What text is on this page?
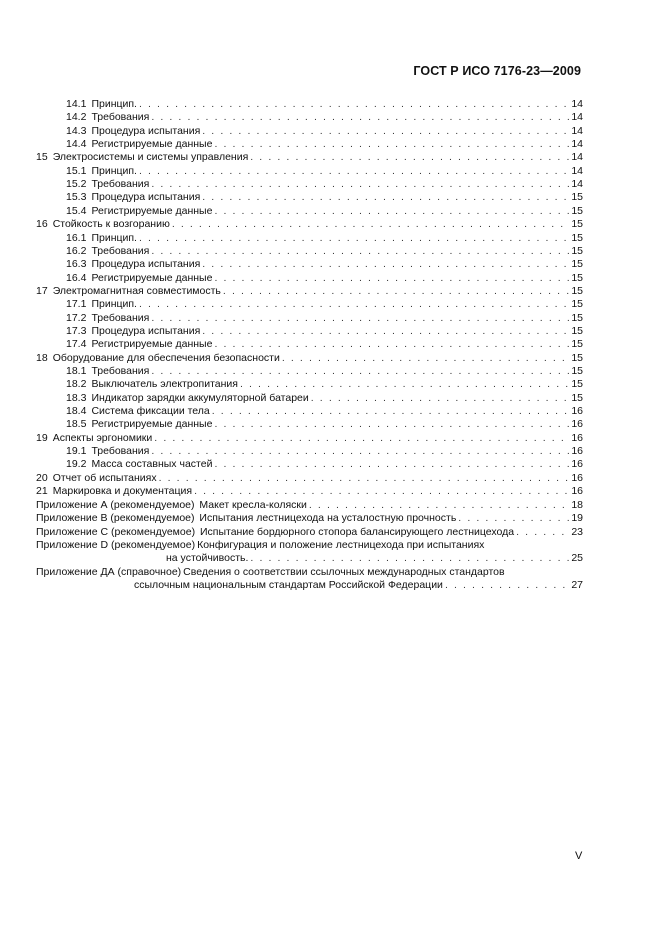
ГОСТ Р ИСО 7176-23—2009
14.1 Принцип. . . .	14
14.2 Требования . . .	14
14.3 Процедура испытания . . .	14
14.4 Регистрируемые данные . . .	14
15 Электросистемы и системы управления . . .	14
15.1 Принцип. . . .	14
15.2 Требования . . .	14
15.3 Процедура испытания . . .	15
15.4 Регистрируемые данные . . .	15
16 Стойкость к возгоранию . . .	15
16.1 Принцип. . . .	15
16.2 Требования . . .	15
16.3 Процедура испытания . . .	15
16.4 Регистрируемые данные . . .	15
17 Электромагнитная совместимость . . .	15
17.1 Принцип. . . .	15
17.2 Требования . . .	15
17.3 Процедура испытания . . .	15
17.4 Регистрируемые данные . . .	15
18 Оборудование для обеспечения безопасности . . .	15
18.1 Требования . . .	15
18.2 Выключатель электропитания . . .	15
18.3 Индикатор зарядки аккумуляторной батареи . . .	15
18.4 Система фиксации тела . . .	16
18.5 Регистрируемые данные . . .	16
19 Аспекты эргономики . . .	16
19.1 Требования . . .	16
19.2 Масса составных частей . . .	16
20 Отчет об испытаниях . . .	16
21 Маркировка и документация . . .	16
Приложение А (рекомендуемое) Макет кресла-коляски . . .	18
Приложение В (рекомендуемое) Испытания лестницехода на усталостную прочность . . .	19
Приложение С (рекомендуемое) Испытание бордюрного стопора балансирующего лестницехода . . .	23
Приложение D (рекомендуемое) Конфигурация и положение лестницехода при испытаниях
на устойчивость. . . .	25
Приложение ДА (справочное) Сведения о соответствии ссылочных международных стандартов
ссылочным национальным стандартам Российской Федерации . . .	27
V
